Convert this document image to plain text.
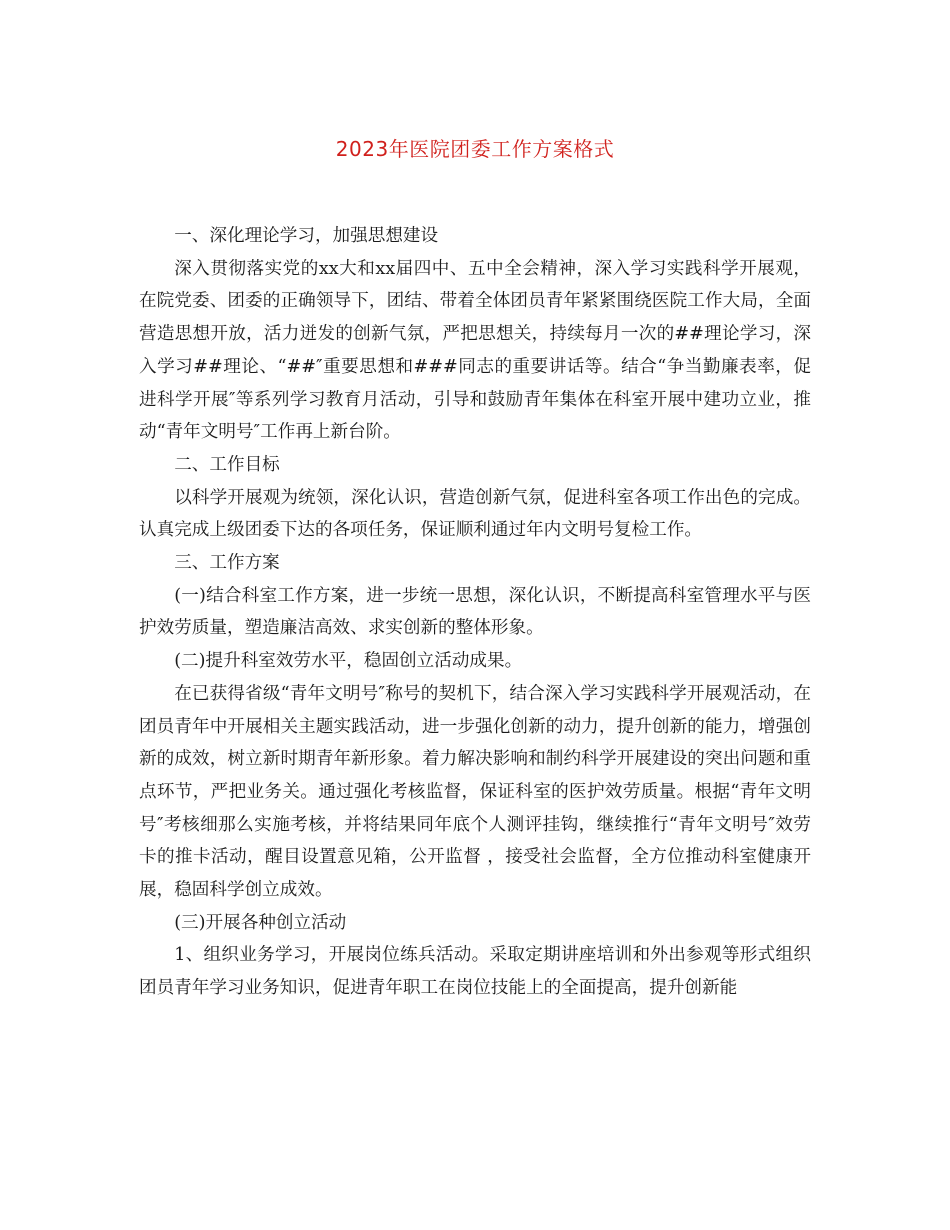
2023年医院团委工作方案格式

一、深化理论学习，加强思想建设

深入贯彻落实党的xx大和xx届四中、五中全会精神，深入学习实践科学开展观，在院党委、团委的正确领导下，团结、带着全体团员青年紧紧围绕医院工作大局，全面营造思想开放，活力迸发的创新气氛，严把思想关，持续每月一次的##理论学习，深入学习##理论、“##″重要思想和###同志的重要讲话等。结合“争当勤廉表率，促进科学开展″等系列学习教育月活动，引导和鼓励青年集体在科室开展中建功立业，推动“青年文明号″工作再上新台阶。

二、工作目标

以科学开展观为统领，深化认识，营造创新气氛，促进科室各项工作出色的完成。认真完成上级团委下达的各项任务，保证顺利通过年内文明号复检工作。

三、工作方案

(一)结合科室工作方案，进一步统一思想，深化认识，不断提高科室管理水平与医护效劳质量，塑造廉洁高效、求实创新的整体形象。

(二)提升科室效劳水平，稳固创立活动成果。

在已获得省级“青年文明号″称号的契机下，结合深入学习实践科学开展观活动，在团员青年中开展相关主题实践活动，进一步强化创新的动力，提升创新的能力，增强创新的成效，树立新时期青年新形象。着力解决影响和制约科学开展建设的突出问题和重点环节，严把业务关。通过强化考核监督，保证科室的医护效劳质量。根据“青年文明号″考核细那么实施考核，并将结果同年底个人测评挂钩，继续推行“青年文明号″效劳卡的推卡活动，醒目设置意见箱，公开监督 ，接受社会监督，全方位推动科室健康开展，稳固科学创立成效。

(三)开展各种创立活动

1、组织业务学习，开展岗位练兵活动。采取定期讲座培训和外出参观等形式组织团员青年学习业务知识，促进青年职工在岗位技能上的全面提高，提升创新能
